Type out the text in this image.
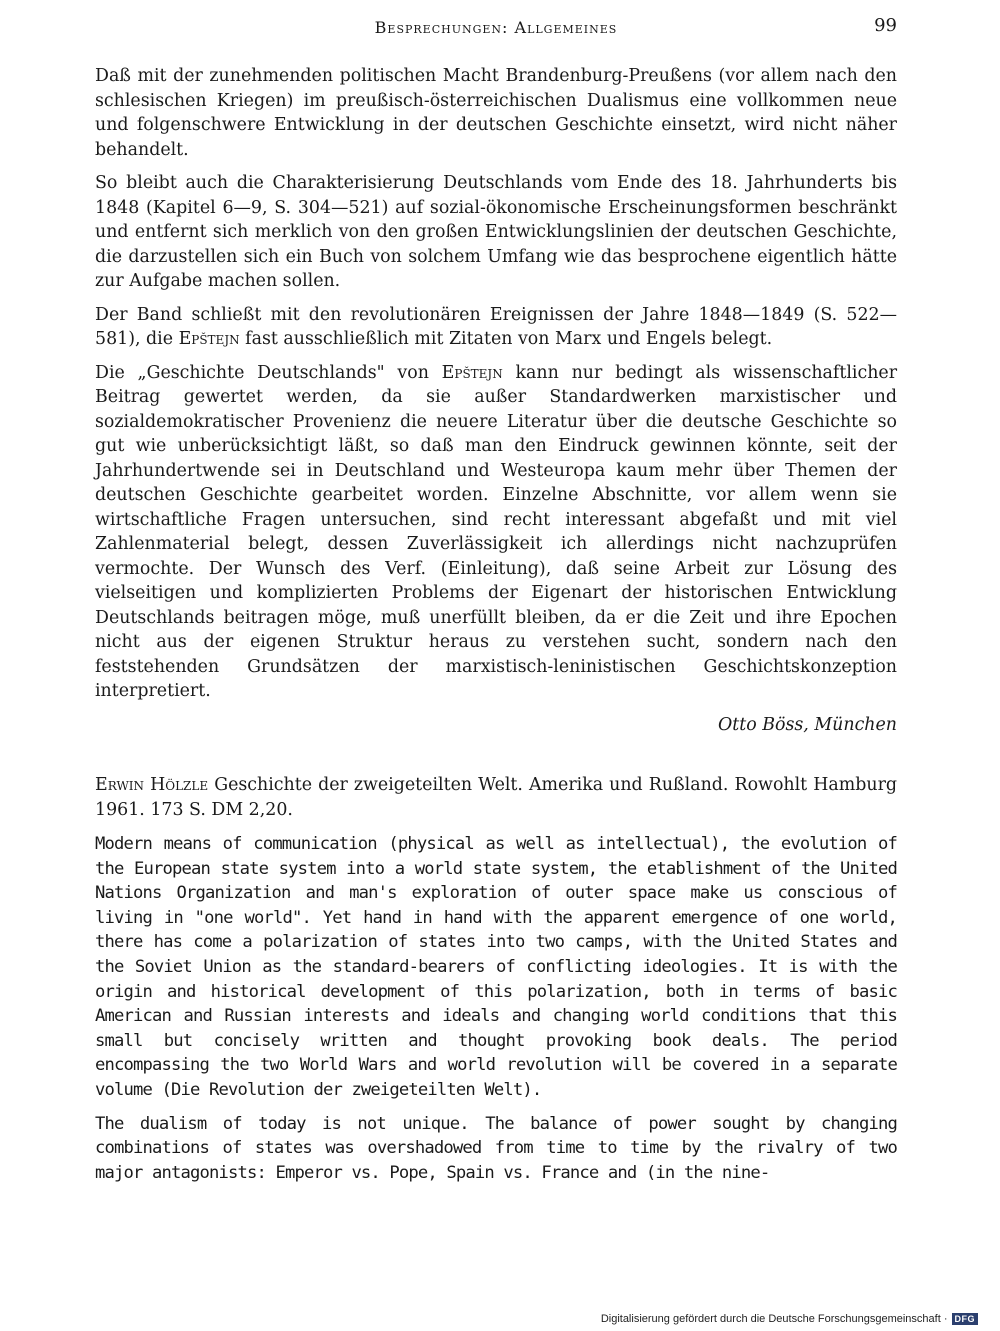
Besprechungen: Allgemeines	99

Daß mit der zunehmenden politischen Macht Brandenburg-Preußens (vor allem nach den schlesischen Kriegen) im preußisch-österreichischen Dualismus eine vollkommen neue und folgenschwere Entwicklung in der deutschen Geschichte einsetzt, wird nicht näher behandelt.

So bleibt auch die Charakterisierung Deutschlands vom Ende des 18. Jahrhunderts bis 1848 (Kapitel 6—9, S. 304—521) auf sozial-ökonomische Erscheinungsformen beschränkt und entfernt sich merklich von den großen Entwicklungslinien der deutschen Geschichte, die darzustellen sich ein Buch von solchem Umfang wie das besprochene eigentlich hätte zur Aufgabe machen sollen.

Der Band schließt mit den revolutionären Ereignissen der Jahre 1848—1849 (S. 522—581), die Epštejn fast ausschließlich mit Zitaten von Marx und Engels belegt.

Die „Geschichte Deutschlands" von Epštejn kann nur bedingt als wissenschaftlicher Beitrag gewertet werden, da sie außer Standardwerken marxistischer und sozialdemokratischer Provenienz die neuere Literatur über die deutsche Geschichte so gut wie unberücksichtigt läßt, so daß man den Eindruck gewinnen könnte, seit der Jahrhundertwende sei in Deutschland und Westeuropa kaum mehr über Themen der deutschen Geschichte gearbeitet worden. Einzelne Abschnitte, vor allem wenn sie wirtschaftliche Fragen untersuchen, sind recht interessant abgefaßt und mit viel Zahlenmaterial belegt, dessen Zuverlässigkeit ich allerdings nicht nachzuprüfen vermochte. Der Wunsch des Verf. (Einleitung), daß seine Arbeit zur Lösung des vielseitigen und komplizierten Problems der Eigenart der historischen Entwicklung Deutschlands beitragen möge, muß unerfüllt bleiben, da er die Zeit und ihre Epochen nicht aus der eigenen Struktur heraus zu verstehen sucht, sondern nach den feststehenden Grundsätzen der marxistisch-leninistischen Geschichtskonzeption interpretiert.

Otto Böss, München
Erwin Hölzle Geschichte der zweigeteilten Welt. Amerika und Rußland. Rowohlt Hamburg 1961. 173 S. DM 2,20.

Modern means of communication (physical as well as intellectual), the evolution of the European state system into a world state system, the etablishment of the United Nations Organization and man's exploration of outer space make us conscious of living in "one world". Yet hand in hand with the apparent emergence of one world, there has come a polarization of states into two camps, with the United States and the Soviet Union as the standard-bearers of conflicting ideologies. It is with the origin and historical development of this polarization, both in terms of basic American and Russian interests and ideals and changing world conditions that this small but concisely written and thought provoking book deals. The period encompassing the two World Wars and world revolution will be covered in a separate volume (Die Revolution der zweigeteilten Welt).

The dualism of today is not unique. The balance of power sought by changing combinations of states was overshadowed from time to time by the rivalry of two major antagonists: Emperor vs. Pope, Spain vs. France and (in the nine-

Digitalisierung gefördert durch die Deutsche Forschungsgemeinschaft · DFG
